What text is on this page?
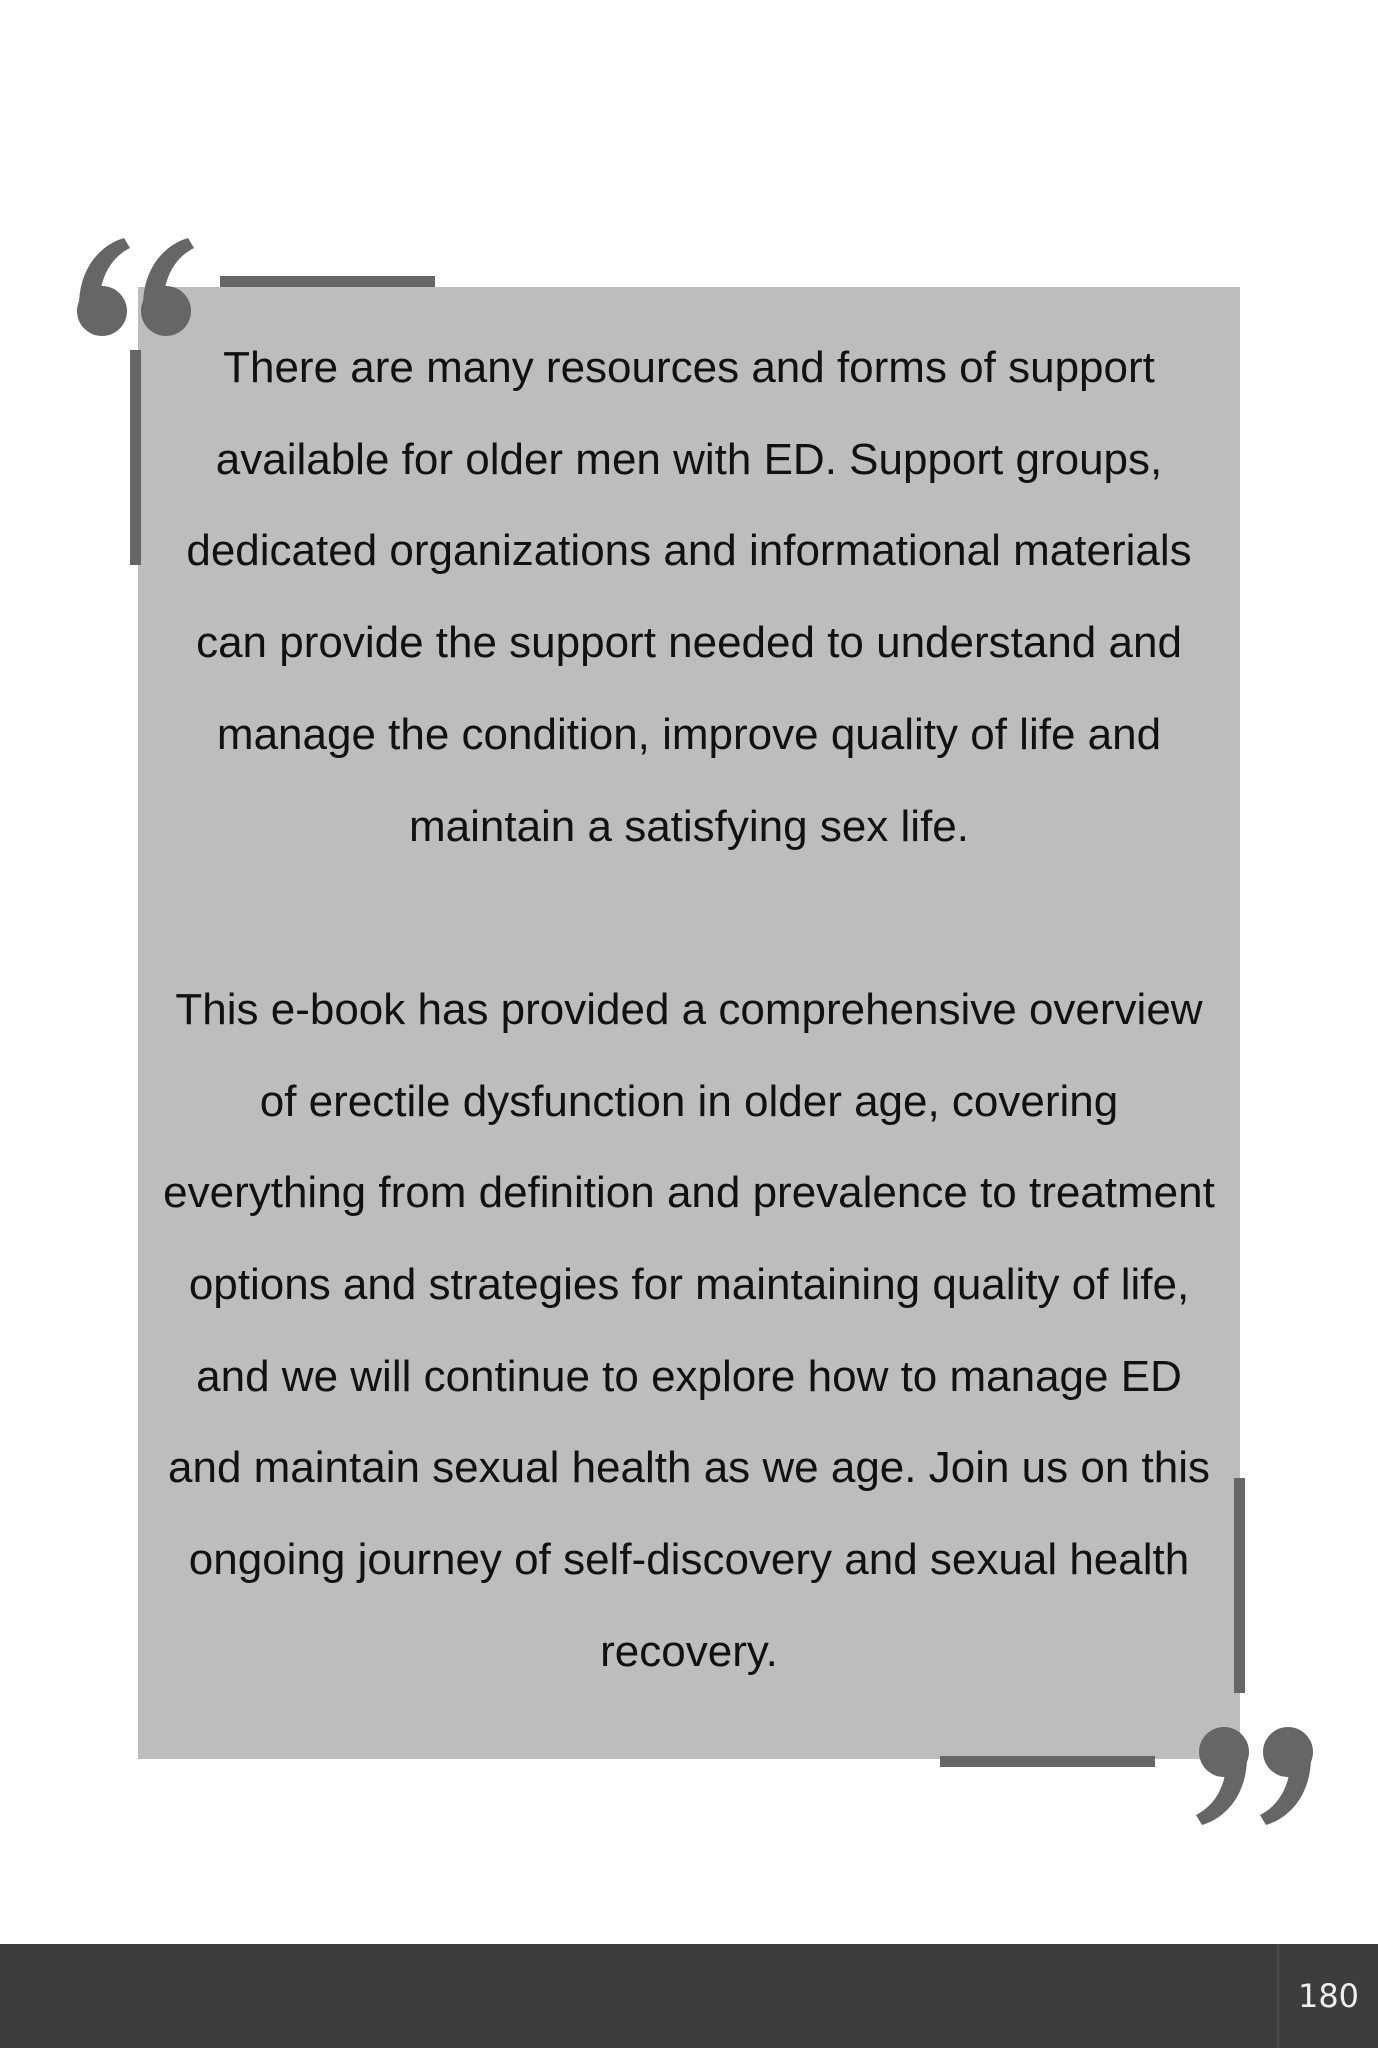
There are many resources and forms of support available for older men with ED. Support groups, dedicated organizations and informational materials can provide the support needed to understand and manage the condition, improve quality of life and maintain a satisfying sex life.

This e-book has provided a comprehensive overview of erectile dysfunction in older age, covering everything from definition and prevalence to treatment options and strategies for maintaining quality of life, and we will continue to explore how to manage ED and maintain sexual health as we age. Join us on this ongoing journey of self-discovery and sexual health recovery.

180
